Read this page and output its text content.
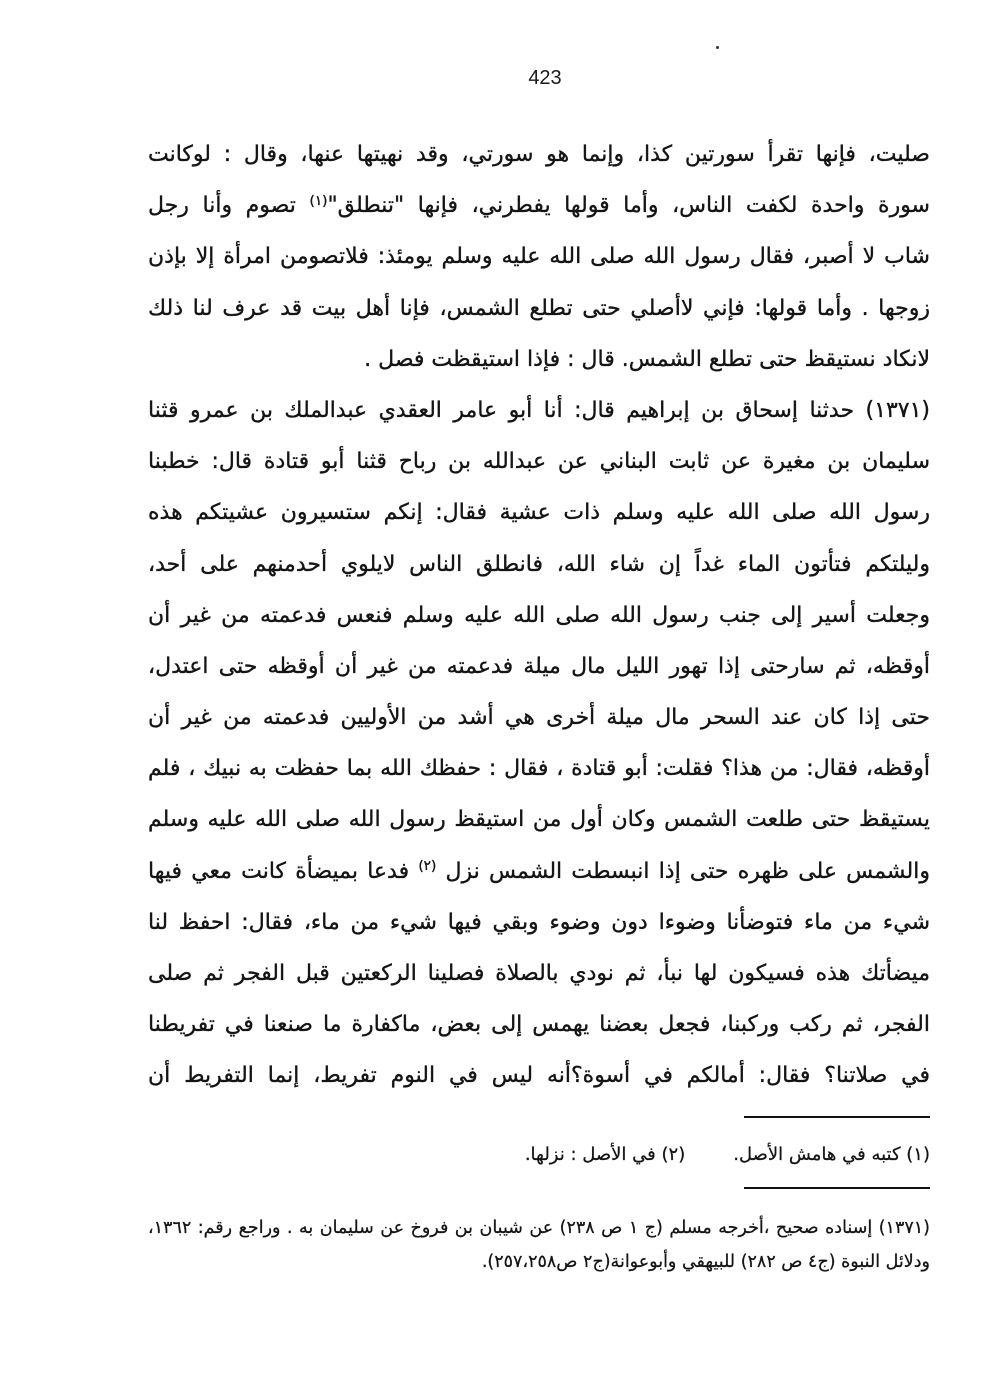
423
صليت، فإنها تقرأ سورتين كذا، وإنما هو سورتي، وقد نهيتها عنها، وقال : لوكانت
سورة واحدة لكفت الناس، وأما قولها يفطرني، فإنها "تنطلق"$^{(١)}$ تصوم وأنا رجل
شاب لا أصبر، فقال رسول الله صلى الله عليه وسلم يومئذ: فلاتصومن امرأة إلا بإذن
زوجها . وأما قولها: فإني لاأصلي حتى تطلع الشمس، فإنا أهل بيت قد عرف لنا ذلك
لانكاد نستيقظ حتى تطلع الشمس. قال : فإذا استيقظت فصل .
(١٣٧١) حدثنا إسحاق بن إبراهيم قال: أنا أبو عامر العقدي عبدالملك بن عمرو قثنا
سليمان بن مغيرة عن ثابت البناني عن عبدالله بن رباح قثنا أبو قتادة قال: خطبنا
رسول الله صلى الله عليه وسلم ذات عشية فقال: إنكم ستسيرون عشيتكم هذه
وليلتكم فتأتون الماء غداً إن شاء الله، فانطلق الناس لايلوي أحدمنهم على أحد،
وجعلت أسير إلى جنب رسول الله صلى الله عليه وسلم فنعس فدعمته من غير أن
أوقظه، ثم سارحتى إذا تهور الليل مال ميلة فدعمته من غير أن أوقظه حتى اعتدل،
حتى إذا كان عند السحر مال ميلة أخرى هي أشد من الأوليين فدعمته من غير أن
أوقظه، فقال: من هذا؟ فقلت: أبو قتادة ، فقال : حفظك الله بما حفظت به نبيك ، فلم
يستيقظ حتى طلعت الشمس وكان أول من استيقظ رسول الله صلى الله عليه وسلم
والشمس على ظهره حتى إذا انبسطت الشمس نزل $^{(٢)}$ فدعا بميضأة كانت معي فيها
شيء من ماء فتوضأنا وضوءا دون وضوء وبقي فيها شيء من ماء، فقال: احفظ لنا
ميضأتك هذه فسيكون لها نبأ، ثم نودي بالصلاة فصلينا الركعتين قبل الفجر ثم صلى
الفجر، ثم ركب وركبنا، فجعل بعضنا يهمس إلى بعض، ماكفارة ما صنعنا في تفريطنا
في صلاتنا؟ فقال: أمالكم في أسوة؟أنه ليس في النوم تفريط، إنما التفريط أن
(١) كتبه في هامش الأصل.(٢) في الأصل : نزلها.
(١٣٧١) إسناده صحيح ،أخرجه مسلم (ج ١ ص ٢٣٨) عن شيبان بن فروخ عن سليمان به . وراجع رقم: ١٣٦٢،
ودلائل النبوة (ج٤ ص ٢٨٢) للبيهقي وأبوعوانة(ج٢ ص٢٥٧،٢٥٨).
